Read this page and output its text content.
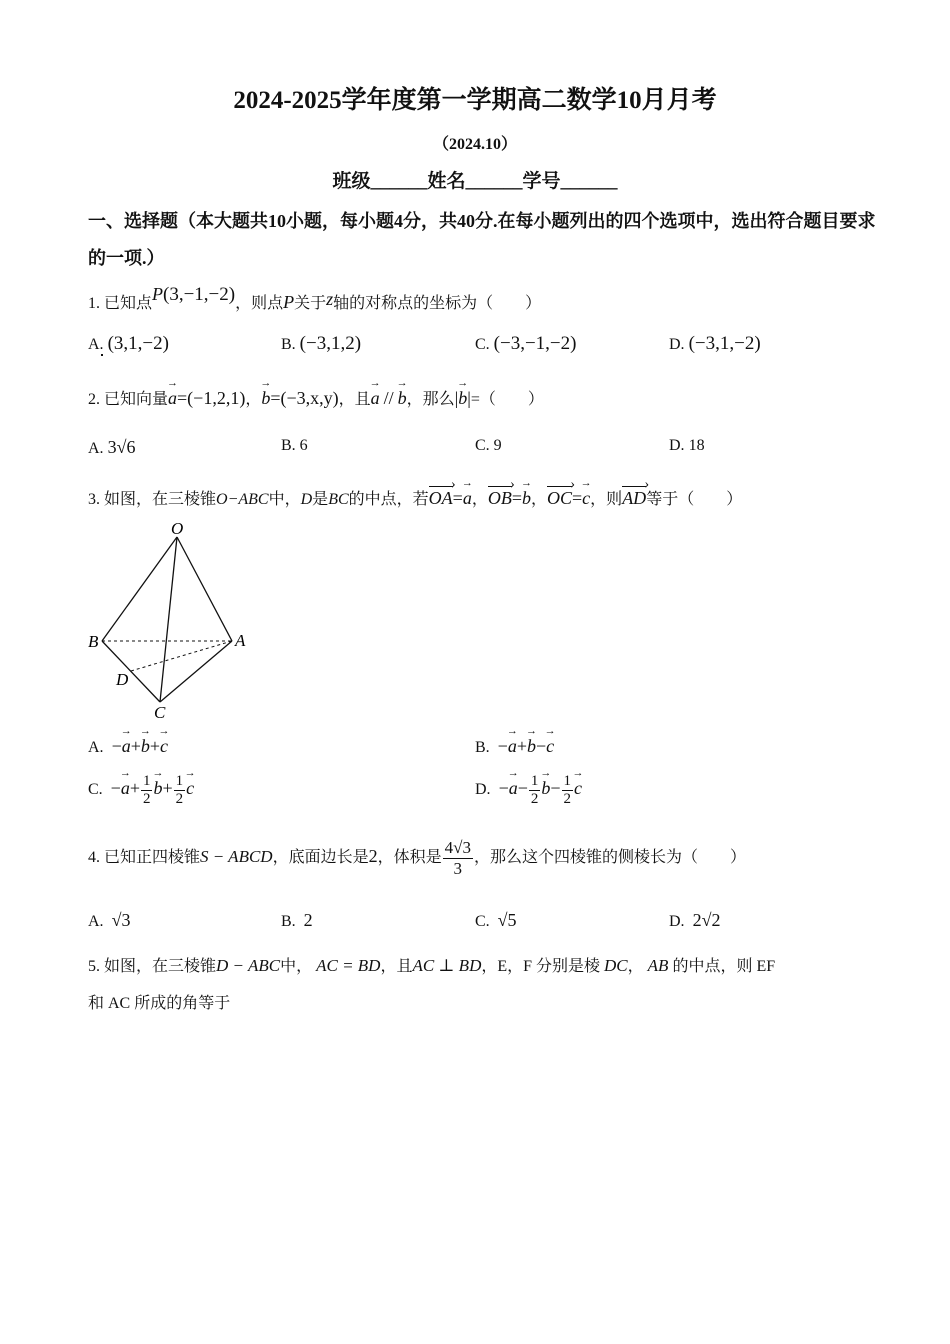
2024-2025学年度第一学期高二数学10月月考
（2024.10）
班级______姓名______学号______
一、选择题（本大题共10小题，每小题4分，共40分.在每小题列出的四个选项中，选出符合题目要求的一项.）
1. 已知点P(3,−1,−2)，则点P关于z轴的对称点的坐标为（　　）
A. (3,1,−2)	B. (−3,1,2)	C. (−3,−1,−2)	D. (−3,1,−2)
2. 已知向量→ a=(−1,2,1)，→ b=(−3,x,y)，且→ a // → b，那么|→ b|=（　　）
A. 3√6	B. 6	C. 9	D. 18
3. 如图，在三棱锥O−ABC中，D是BC的中点，若OA ›=→ a，OB ›=→ b，OC ›=→ c，则AD ›等于（　　）
O
A
B
C
D
A. −→ a+→ b+→ c	B. −→ a+→ b−→ c
C. −→ $a+ \frac{1}{2}$
→ $b+ \frac{1}{2}$
→ c	D. −→ $a- \frac{1}{2}$
→ $b- \frac{1}{2}$
→ c
4. 已知正四棱锥S − ABCD，底面边长是2，体积是 $\frac{4√3}{3}$ ，那么这个四棱锥的侧棱长为（　　）
A. √3	B. 2	C. √5	D. 2√2
5. 如图，在三棱锥D − ABC中， AC = BD，且AC ⊥ BD，E，F 分别是棱 DC， AB 的中点，则 EF
和 AC 所成的角等于
